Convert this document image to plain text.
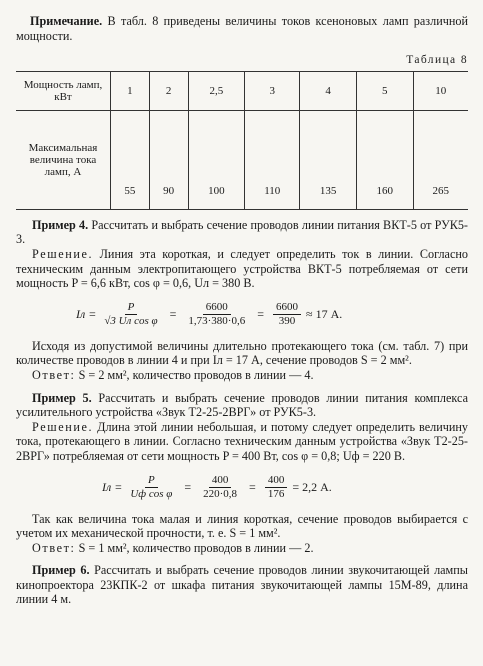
Примечание. В табл. 8 приведены величины токов ксеноновых ламп различной мощности.

Таблица 8
Мощность ламп, кВт	1	2	2,5	3	4	5	10
Максимальная величина тока ламп, А	55	90	100	110	135	160	265

Пример 4. Рассчитать и выбрать сечение проводов линии питания ВКТ-5 от РУК5-3.

Решение. Линия эта короткая, и следует определить ток в линии. Согласно техническим данным электропитающего устройства ВКТ-5 потребляемая от сети мощность P = 6,6 кВт, cos φ = 0,6, Uл = 380 В.

Iл = $\frac{P}{\text{√3 Uл cos φ}} = \frac{6600}{1,73\cdot 380\cdot 0,6} = \frac{6600}{390} \approx 17$ А.

Исходя из допустимой величины длительно протекающего тока (см. табл. 7) при количестве проводов в линии 4 и при Iл = 17 А, сечение проводов S = 2 мм².

Ответ: S = 2 мм², количество проводов в линии — 4.

Пример 5. Рассчитать и выбрать сечение проводов линии питания комплекса усилительного устройства «Звук Т2-25-2ВРГ» от РУК5-3.

Решение. Длина этой линии небольшая, и потому следует определить величину тока, протекающего в линии. Согласно техническим данным устройства «Звук Т2-25-2ВРГ» потребляемая от сети мощность P = 400 Вт, cos φ = 0,8; Uф = 220 В.

Iл = $\frac{P}{\text{Uф cos φ}} = \frac{400}{220\cdot 0,8} = \frac{400}{176} = 2,2$ А.

Так как величина тока малая и линия короткая, сечение проводов выбирается с учетом их механической прочности, т. е. S = 1 мм².

Ответ: S = 1 мм², количество проводов в линии — 2.

Пример 6. Рассчитать и выбрать сечение проводов линии звукочитающей лампы кинопроектора 23КПК-2 от шкафа питания звукочитающей лампы 15М-89, длина линии 4 м.
